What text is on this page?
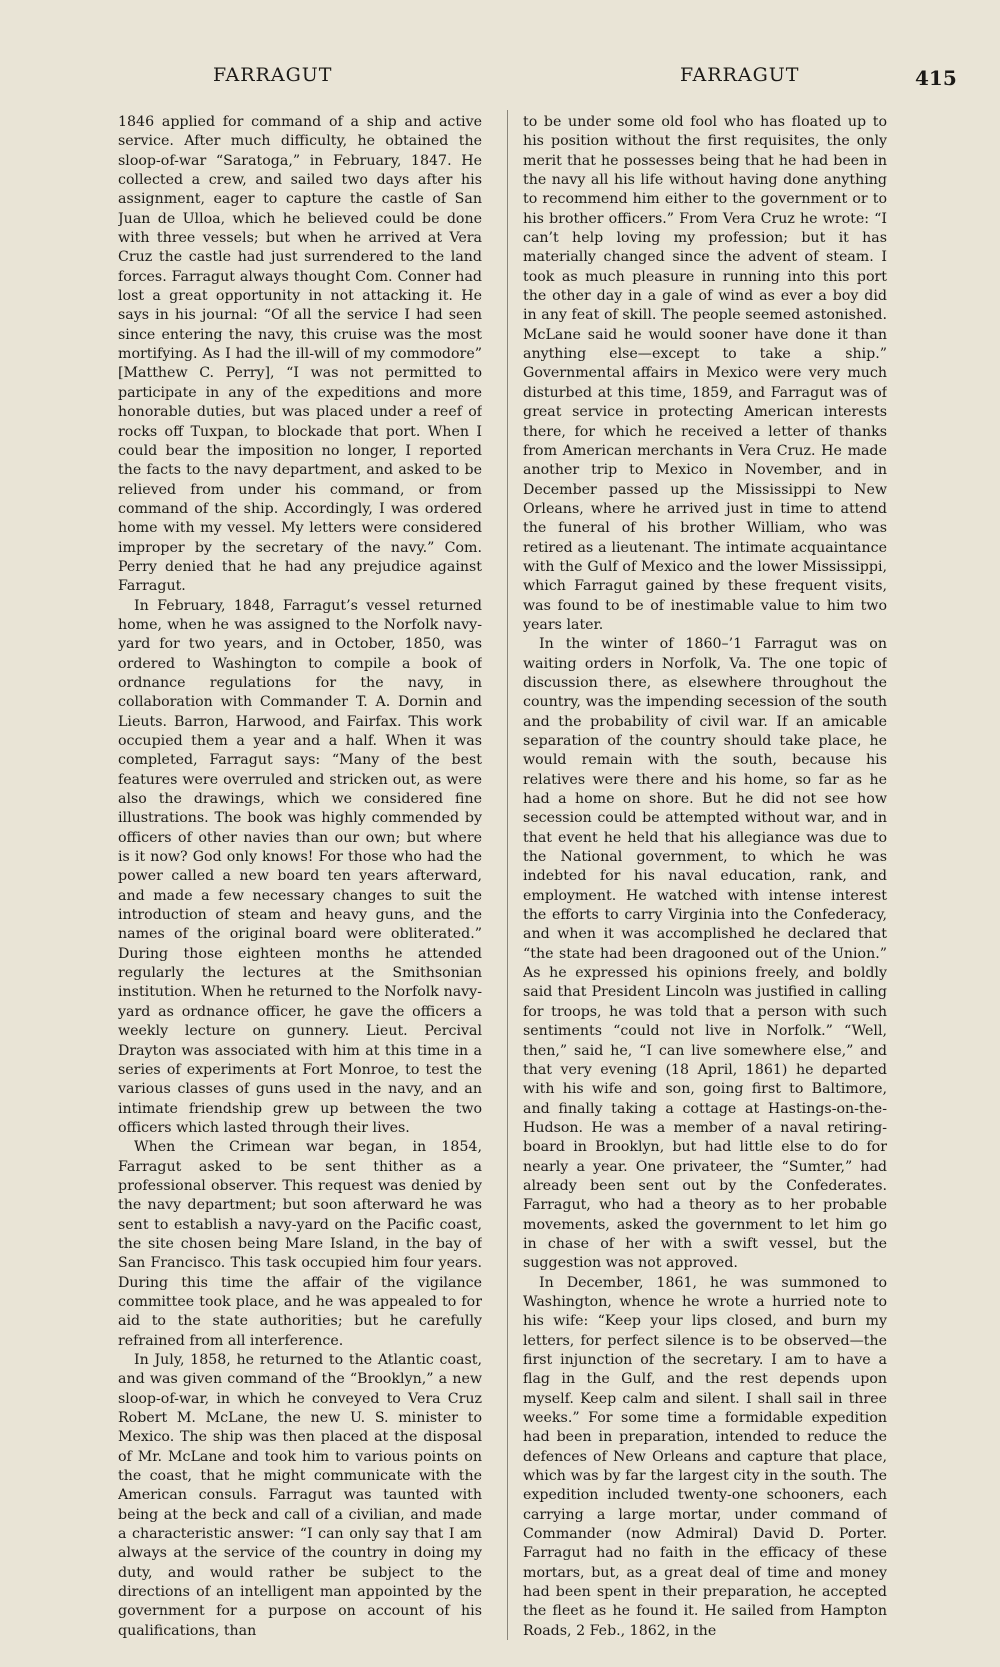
FARRAGUT	FARRAGUT	415

1846 applied for command of a ship and active service. After much difficulty, he obtained the sloop-of-war “Saratoga,” in February, 1847. He collected a crew, and sailed two days after his assignment, eager to capture the castle of San Juan de Ulloa, which he believed could be done with three vessels; but when he arrived at Vera Cruz the castle had just surrendered to the land forces. Farragut always thought Com. Conner had lost a great opportunity in not attacking it. He says in his journal: “Of all the service I had seen since entering the navy, this cruise was the most mortifying. As I had the ill-will of my commodore” [Matthew C. Perry], “I was not permitted to participate in any of the expeditions and more honorable duties, but was placed under a reef of rocks off Tuxpan, to blockade that port. When I could bear the imposition no longer, I reported the facts to the navy department, and asked to be relieved from under his command, or from command of the ship. Accordingly, I was ordered home with my vessel. My letters were considered improper by the secretary of the navy.” Com. Perry denied that he had any prejudice against Farragut.

In February, 1848, Farragut’s vessel returned home, when he was assigned to the Norfolk navy-yard for two years, and in October, 1850, was ordered to Washington to compile a book of ordnance regulations for the navy, in collaboration with Commander T. A. Dornin and Lieuts. Barron, Harwood, and Fairfax. This work occupied them a year and a half. When it was completed, Farragut says: “Many of the best features were overruled and stricken out, as were also the drawings, which we considered fine illustrations. The book was highly commended by officers of other navies than our own; but where is it now? God only knows! For those who had the power called a new board ten years afterward, and made a few necessary changes to suit the introduction of steam and heavy guns, and the names of the original board were obliterated.” During those eighteen months he attended regularly the lectures at the Smithsonian institution. When he returned to the Norfolk navy-yard as ordnance officer, he gave the officers a weekly lecture on gunnery. Lieut. Percival Drayton was associated with him at this time in a series of experiments at Fort Monroe, to test the various classes of guns used in the navy, and an intimate friendship grew up between the two officers which lasted through their lives.

When the Crimean war began, in 1854, Farragut asked to be sent thither as a professional observer. This request was denied by the navy department; but soon afterward he was sent to establish a navy-yard on the Pacific coast, the site chosen being Mare Island, in the bay of San Francisco. This task occupied him four years. During this time the affair of the vigilance committee took place, and he was appealed to for aid to the state authorities; but he carefully refrained from all interference.

In July, 1858, he returned to the Atlantic coast, and was given command of the “Brooklyn,” a new sloop-of-war, in which he conveyed to Vera Cruz Robert M. McLane, the new U. S. minister to Mexico. The ship was then placed at the disposal of Mr. McLane and took him to various points on the coast, that he might communicate with the American consuls. Farragut was taunted with being at the beck and call of a civilian, and made a characteristic answer: “I can only say that I am always at the service of the country in doing my duty, and would rather be subject to the directions of an intelligent man appointed by the government for a purpose on account of his qualifications, than

to be under some old fool who has floated up to his position without the first requisites, the only merit that he possesses being that he had been in the navy all his life without having done anything to recommend him either to the government or to his brother officers.” From Vera Cruz he wrote: “I can’t help loving my profession; but it has materially changed since the advent of steam. I took as much pleasure in running into this port the other day in a gale of wind as ever a boy did in any feat of skill. The people seemed astonished. McLane said he would sooner have done it than anything else—except to take a ship.” Governmental affairs in Mexico were very much disturbed at this time, 1859, and Farragut was of great service in protecting American interests there, for which he received a letter of thanks from American merchants in Vera Cruz. He made another trip to Mexico in November, and in December passed up the Mississippi to New Orleans, where he arrived just in time to attend the funeral of his brother William, who was retired as a lieutenant. The intimate acquaintance with the Gulf of Mexico and the lower Mississippi, which Farragut gained by these frequent visits, was found to be of inestimable value to him two years later.

In the winter of 1860–’1 Farragut was on waiting orders in Norfolk, Va. The one topic of discussion there, as elsewhere throughout the country, was the impending secession of the south and the probability of civil war. If an amicable separation of the country should take place, he would remain with the south, because his relatives were there and his home, so far as he had a home on shore. But he did not see how secession could be attempted without war, and in that event he held that his allegiance was due to the National government, to which he was indebted for his naval education, rank, and employment. He watched with intense interest the efforts to carry Virginia into the Confederacy, and when it was accomplished he declared that “the state had been dragooned out of the Union.” As he expressed his opinions freely, and boldly said that President Lincoln was justified in calling for troops, he was told that a person with such sentiments “could not live in Norfolk.” “Well, then,” said he, “I can live somewhere else,” and that very evening (18 April, 1861) he departed with his wife and son, going first to Baltimore, and finally taking a cottage at Hastings-on-the-Hudson. He was a member of a naval retiring-board in Brooklyn, but had little else to do for nearly a year. One privateer, the “Sumter,” had already been sent out by the Confederates. Farragut, who had a theory as to her probable movements, asked the government to let him go in chase of her with a swift vessel, but the suggestion was not approved.

In December, 1861, he was summoned to Washington, whence he wrote a hurried note to his wife: “Keep your lips closed, and burn my letters, for perfect silence is to be observed—the first injunction of the secretary. I am to have a flag in the Gulf, and the rest depends upon myself. Keep calm and silent. I shall sail in three weeks.” For some time a formidable expedition had been in preparation, intended to reduce the defences of New Orleans and capture that place, which was by far the largest city in the south. The expedition included twenty-one schooners, each carrying a large mortar, under command of Commander (now Admiral) David D. Porter. Farragut had no faith in the efficacy of these mortars, but, as a great deal of time and money had been spent in their preparation, he accepted the fleet as he found it. He sailed from Hampton Roads, 2 Feb., 1862, in the
